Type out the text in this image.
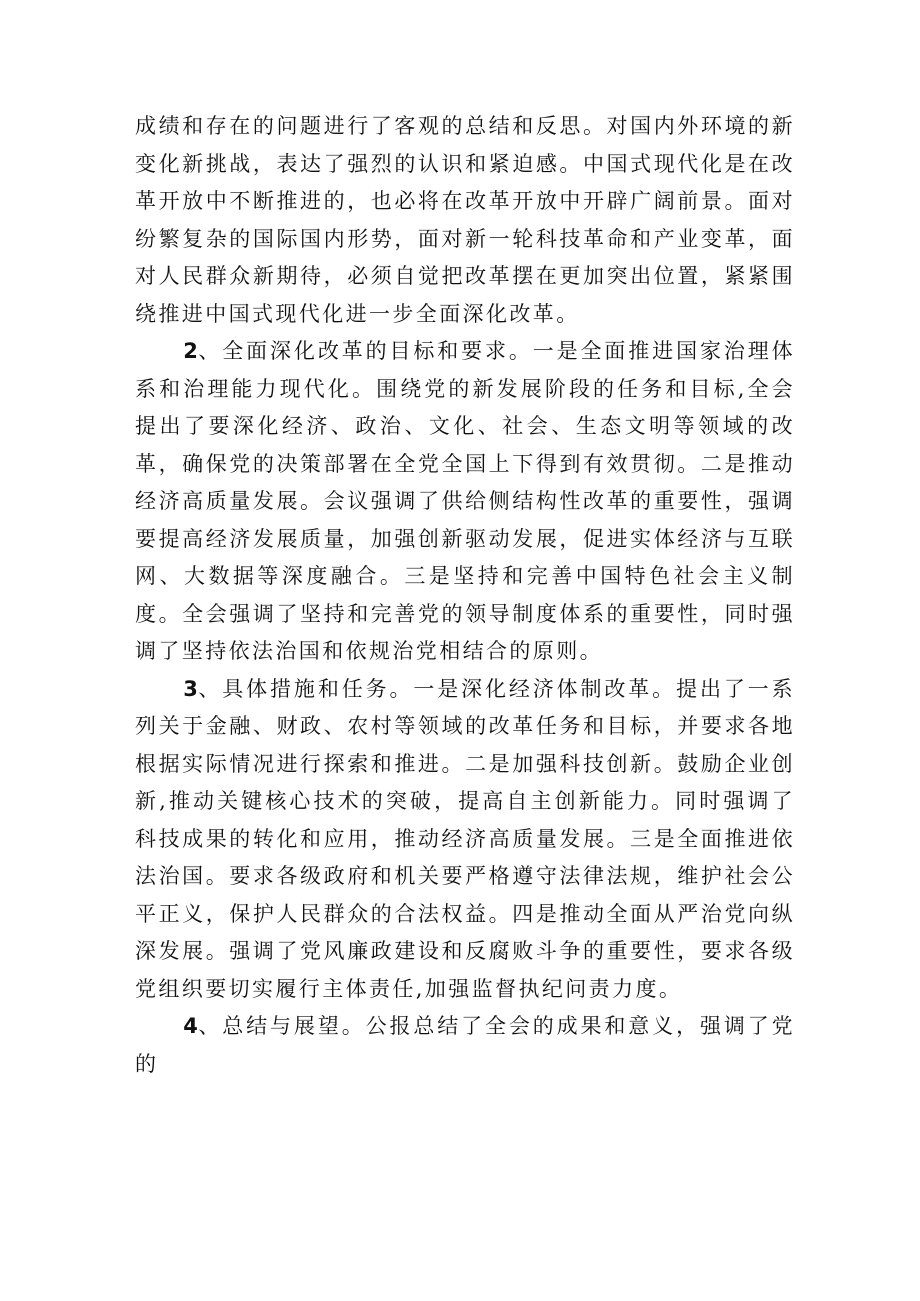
成绩和存在的问题进行了客观的总结和反思。对国内外环境的新变化新挑战，表达了强烈的认识和紧迫感。中国式现代化是在改革开放中不断推进的，也必将在改革开放中开辟广阔前景。面对纷繁复杂的国际国内形势，面对新一轮科技革命和产业变革，面对人民群众新期待，必须自觉把改革摆在更加突出位置，紧紧围绕推进中国式现代化进一步全面深化改革。

2、全面深化改革的目标和要求。一是全面推进国家治理体系和治理能力现代化。围绕党的新发展阶段的任务和目标,全会提出了要深化经济、政治、文化、社会、生态文明等领域的改革，确保党的决策部署在全党全国上下得到有效贯彻。二是推动经济高质量发展。会议强调了供给侧结构性改革的重要性，强调要提高经济发展质量，加强创新驱动发展，促进实体经济与互联网、大数据等深度融合。三是坚持和完善中国特色社会主义制度。全会强调了坚持和完善党的领导制度体系的重要性，同时强调了坚持依法治国和依规治党相结合的原则。

3、具体措施和任务。一是深化经济体制改革。提出了一系列关于金融、财政、农村等领域的改革任务和目标，并要求各地根据实际情况进行探索和推进。二是加强科技创新。鼓励企业创新,推动关键核心技术的突破，提高自主创新能力。同时强调了科技成果的转化和应用，推动经济高质量发展。三是全面推进依法治国。要求各级政府和机关要严格遵守法律法规，维护社会公平正义，保护人民群众的合法权益。四是推动全面从严治党向纵深发展。强调了党风廉政建设和反腐败斗争的重要性，要求各级党组织要切实履行主体责任,加强监督执纪问责力度。

4、总结与展望。公报总结了全会的成果和意义，强调了党的
